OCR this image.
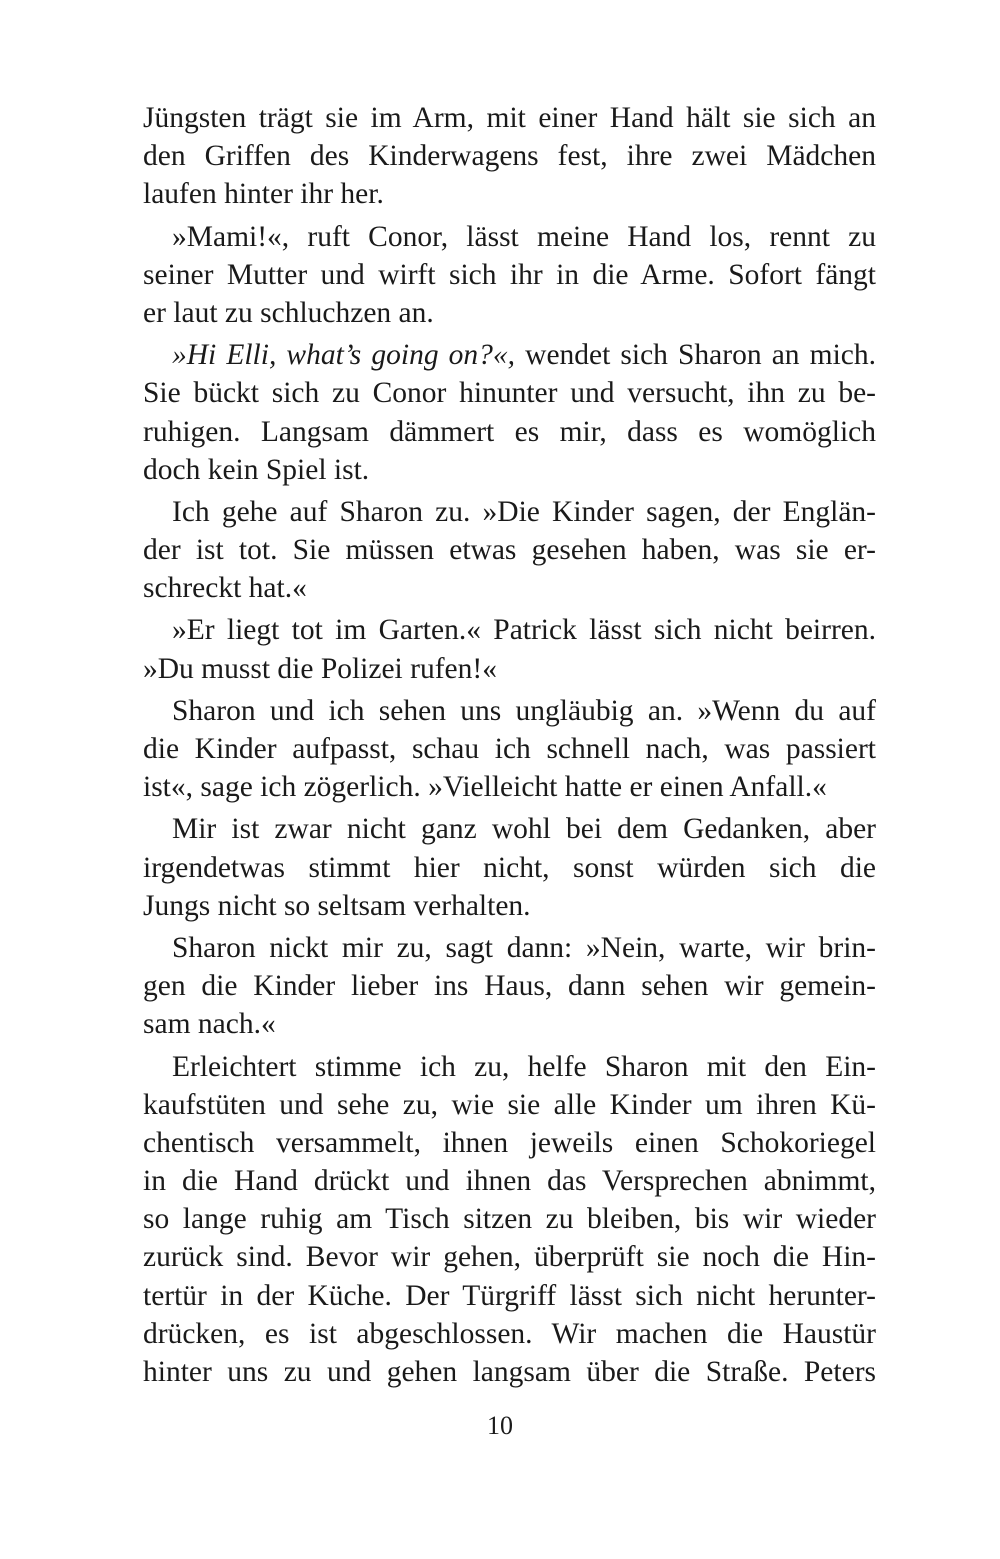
Jüngsten trägt sie im Arm, mit einer Hand hält sie sich an
den Griffen des Kinderwagens fest, ihre zwei Mädchen
laufen hinter ihr her.
»Mami!«, ruft Conor, lässt meine Hand los, rennt zu
seiner Mutter und wirft sich ihr in die Arme. Sofort fängt
er laut zu schluchzen an.
»Hi Elli, what’s going on?«, wendet sich Sharon an mich.
Sie bückt sich zu Conor hinunter und versucht, ihn zu be-
ruhigen. Langsam dämmert es mir, dass es womöglich
doch kein Spiel ist.
Ich gehe auf Sharon zu. »Die Kinder sagen, der Englän-
der ist tot. Sie müssen etwas gesehen haben, was sie er-
schreckt hat.«
»Er liegt tot im Garten.« Patrick lässt sich nicht beirren.
»Du musst die Polizei rufen!«
Sharon und ich sehen uns ungläubig an. »Wenn du auf
die Kinder aufpasst, schau ich schnell nach, was passiert
ist«, sage ich zögerlich. »Vielleicht hatte er einen Anfall.«
Mir ist zwar nicht ganz wohl bei dem Gedanken, aber
irgendetwas stimmt hier nicht, sonst würden sich die
Jungs nicht so seltsam verhalten.
Sharon nickt mir zu, sagt dann: »Nein, warte, wir brin-
gen die Kinder lieber ins Haus, dann sehen wir gemein-
sam nach.«
Erleichtert stimme ich zu, helfe Sharon mit den Ein-
kaufstüten und sehe zu, wie sie alle Kinder um ihren Kü-
chentisch versammelt, ihnen jeweils einen Schokoriegel
in die Hand drückt und ihnen das Versprechen abnimmt,
so lange ruhig am Tisch sitzen zu bleiben, bis wir wieder
zurück sind. Bevor wir gehen, überprüft sie noch die Hin-
tertür in der Küche. Der Türgriff lässt sich nicht herunter-
drücken, es ist abgeschlossen. Wir machen die Haustür
hinter uns zu und gehen langsam über die Straße. Peters
10
